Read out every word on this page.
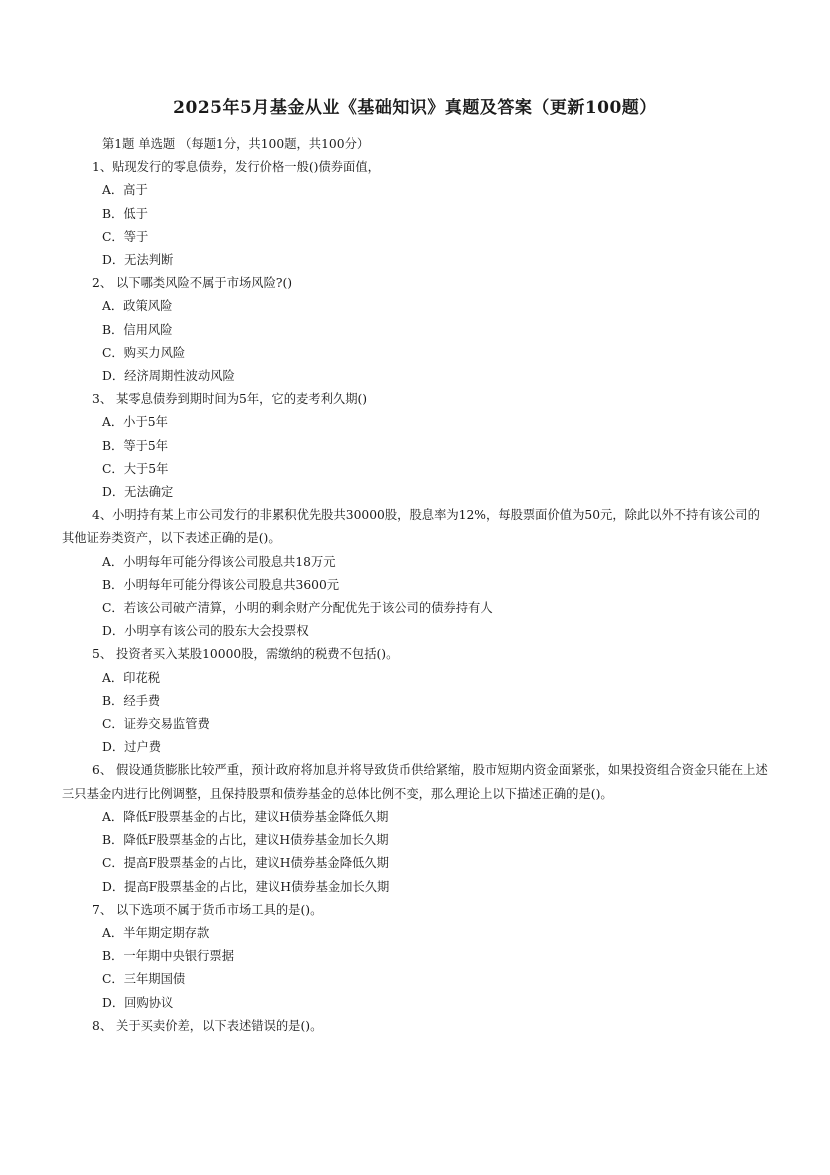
2025年5月基金从业《基础知识》真题及答案（更新100题）
第1题 单选题 （每题1分，共100题，共100分）
1、贴现发行的零息债券，发行价格一般()债券面值，
A．高于
B．低于
C．等于
D．无法判断
2、 以下哪类风险不属于市场风险?()
A．政策风险
B．信用风险
C．购买力风险
D．经济周期性波动风险
3、 某零息债券到期时间为5年，它的麦考利久期()
A．小于5年
B．等于5年
C．大于5年
D．无法确定
4、小明持有某上市公司发行的非累积优先股共30000股，股息率为12%，每股票面价值为50元，除此以外不持有该公司的其他证券类资产，以下表述正确的是()。
A．小明每年可能分得该公司股息共18万元
B．小明每年可能分得该公司股息共3600元
C．若该公司破产清算，小明的剩余财产分配优先于该公司的债券持有人
D．小明享有该公司的股东大会投票权
5、 投资者买入某股10000股，需缴纳的税费不包括()。
A．印花税
B．经手费
C．证券交易监管费
D．过户费
6、 假设通货膨胀比较严重，预计政府将加息并将导致货币供给紧缩，股市短期内资金面紧张，如果投资组合资金只能在上述三只基金内进行比例调整，且保持股票和债券基金的总体比例不变，那么理论上以下描述正确的是()。
A．降低F股票基金的占比，建议H债券基金降低久期
B．降低F股票基金的占比，建议H债券基金加长久期
C．提高F股票基金的占比，建议H债券基金降低久期
D．提高F股票基金的占比，建议H债券基金加长久期
7、 以下选项不属于货币市场工具的是()。
A．半年期定期存款
B．一年期中央银行票据
C．三年期国债
D．回购协议
8、 关于买卖价差，以下表述错误的是()。
